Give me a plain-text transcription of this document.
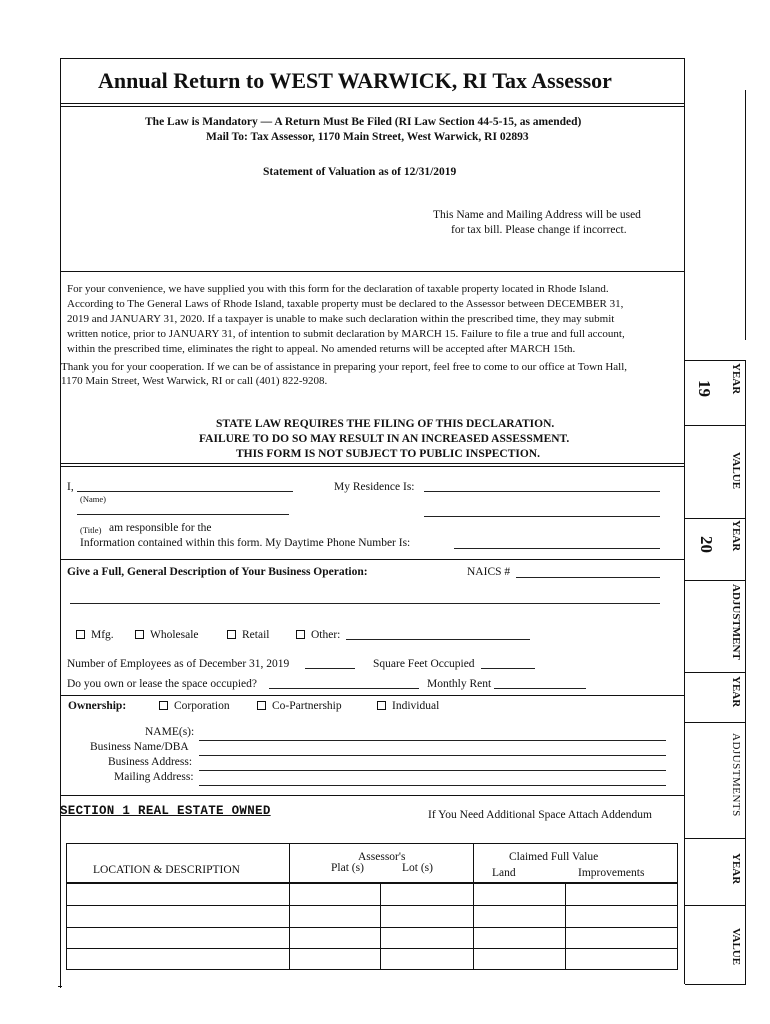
Annual Return to WEST WARWICK, RI Tax Assessor
The Law is Mandatory — A Return Must Be Filed (RI Law Section 44-5-15, as amended)
Mail To: Tax Assessor, 1170 Main Street, West Warwick, RI 02893
Statement of Valuation as of 12/31/2019
This Name and Mailing Address will be used
for tax bill. Please change if incorrect.
For your convenience, we have supplied you with this form for the declaration of taxable property located in Rhode Island.
According to The General Laws of Rhode Island, taxable property must be declared to the Assessor between DECEMBER 31,
2019 and JANUARY 31, 2020. If a taxpayer is unable to make such declaration within the prescribed time, they may submit
written notice, prior to JANUARY 31, of intention to submit declaration by MARCH 15. Failure to file a true and full account,
within the prescribed time, eliminates the right to appeal. No amended returns will be accepted after MARCH 15th.
Thank you for your cooperation. If we can be of assistance in preparing your report, feel free to come to our office at Town Hall,
1170 Main Street, West Warwick, RI or call (401) 822-9208.
STATE LAW REQUIRES THE FILING OF THIS DECLARATION.
FAILURE TO DO SO MAY RESULT IN AN INCREASED ASSESSMENT.
THIS FORM IS NOT SUBJECT TO PUBLIC INSPECTION.
I,
(Name)
My Residence Is:
(Title) am responsible for the
Information contained within this form. My Daytime Phone Number Is:
Give a Full, General Description of Your Business Operation:	NAICS #
Mfg.	Wholesale	Retail	Other:
Number of Employees as of December 31, 2019	Square Feet Occupied
Do you own or lease the space occupied?	Monthly Rent
Ownership:	Corporation	Co-Partnership	Individual
NAME(s):
Business Name/DBA
Business Address:
Mailing Address:
SECTION 1 REAL ESTATE OWNED	If You Need Additional Space Attach Addendum
LOCATION & DESCRIPTION
Assessor's
Plat (s)	Lot (s)
Claimed Full Value
Land	Improvements
YEAR
19
VALUE
YEAR
20
ADJUSTMENT
YEAR
ADJUSTMENTS
YEAR
VALUE
